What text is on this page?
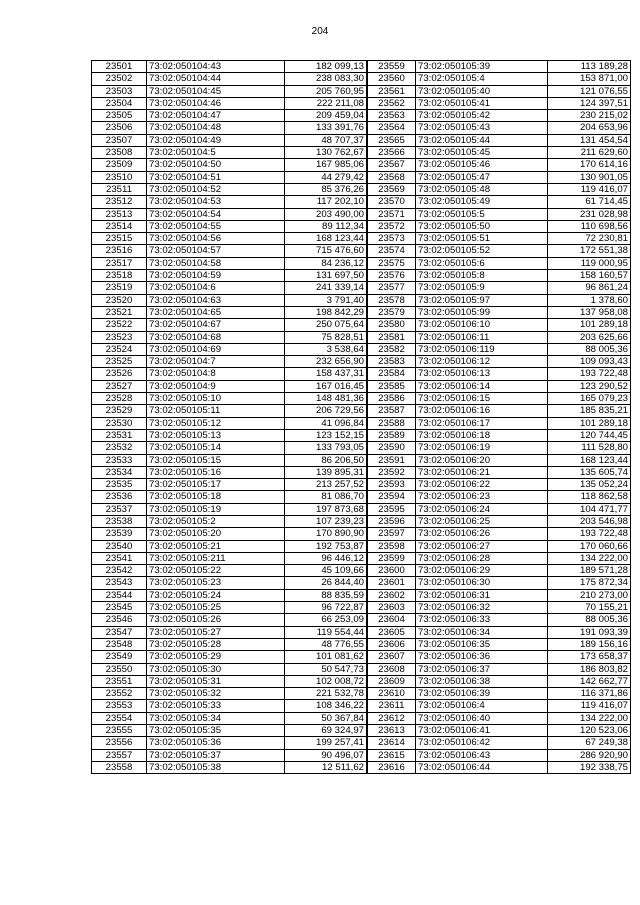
204
23501	73:02:050104:43	182 099,13
23502	73:02:050104:44	238 083,30
23503	73:02:050104:45	205 760,95
23504	73:02:050104:46	222 211,08
23505	73:02:050104:47	209 459,04
23506	73:02:050104:48	133 391,76
23507	73:02:050104:49	48 707,37
23508	73:02:050104:5	130 762,67
23509	73:02:050104:50	167 985,06
23510	73:02:050104:51	44 279,42
23511	73:02:050104:52	85 376,26
23512	73:02:050104:53	117 202,10
23513	73:02:050104:54	203 490,00
23514	73:02:050104:55	89 112,34
23515	73:02:050104:56	168 123,44
23516	73:02:050104:57	715 476,60
23517	73:02:050104:58	84 236,12
23518	73:02:050104:59	131 697,50
23519	73:02:050104:6	241 339,14
23520	73:02:050104:63	3 791,40
23521	73:02:050104:65	198 842,29
23522	73:02:050104:67	250 075,64
23523	73:02:050104:68	75 828,51
23524	73:02:050104:69	3 538,64
23525	73:02:050104:7	232 656,90
23526	73:02:050104:8	158 437,31
23527	73:02:050104:9	167 016,45
23528	73:02:050105:10	148 481,36
23529	73:02:050105:11	206 729,56
23530	73:02:050105:12	41 096,84
23531	73:02:050105:13	123 152,15
23532	73:02:050105:14	133 793,05
23533	73:02:050105:15	86 206,50
23534	73:02:050105:16	139 895,31
23535	73:02:050105:17	213 257,52
23536	73:02:050105:18	81 086,70
23537	73:02:050105:19	197 873,68
23538	73:02:050105:2	107 239,23
23539	73:02:050105:20	170 890,90
23540	73:02:050105:21	192 753,87
23541	73:02:050105:211	96 446,12
23542	73:02:050105:22	45 109,66
23543	73:02:050105:23	26 844,40
23544	73:02:050105:24	88 835,59
23545	73:02:050105:25	96 722,87
23546	73:02:050105:26	66 253,09
23547	73:02:050105:27	119 554,44
23548	73:02:050105:28	48 776,55
23549	73:02:050105:29	101 081,62
23550	73:02:050105:30	50 547,73
23551	73:02:050105:31	102 008,72
23552	73:02:050105:32	221 532,78
23553	73:02:050105:33	108 346,22
23554	73:02:050105:34	50 367,84
23555	73:02:050105:35	69 324,97
23556	73:02:050105:36	199 257,41
23557	73:02:050105:37	90 496,07
23558	73:02:050105:38	12 511,62
23559	73:02:050105:39	113 189,28
23560	73:02:050105:4	153 871,00
23561	73:02:050105:40	121 076,55
23562	73:02:050105:41	124 397,51
23563	73:02:050105:42	230 215,02
23564	73:02:050105:43	204 653,96
23565	73:02:050105:44	131 454,54
23566	73:02:050105:45	211 629,60
23567	73:02:050105:46	170 614,16
23568	73:02:050105:47	130 901,05
23569	73:02:050105:48	119 416,07
23570	73:02:050105:49	61 714,45
23571	73:02:050105:5	231 028,98
23572	73:02:050105:50	110 698,56
23573	73:02:050105:51	72 230,81
23574	73:02:050105:52	172 551,38
23575	73:02:050105:6	119 000,95
23576	73:02:050105:8	158 160,57
23577	73:02:050105:9	96 861,24
23578	73:02:050105:97	1 378,60
23579	73:02:050105:99	137 958,08
23580	73:02:050106:10	101 289,18
23581	73:02:050106:11	203 625,66
23582	73:02:050106:119	88 005,36
23583	73:02:050106:12	109 093,43
23584	73:02:050106:13	193 722,48
23585	73:02:050106:14	123 290,52
23586	73:02:050106:15	165 079,23
23587	73:02:050106:16	185 835,21
23588	73:02:050106:17	101 289,18
23589	73:02:050106:18	120 744,45
23590	73:02:050106:19	111 528,80
23591	73:02:050106:20	168 123,44
23592	73:02:050106:21	135 605,74
23593	73:02:050106:22	135 052,24
23594	73:02:050106:23	118 862,58
23595	73:02:050106:24	104 471,77
23596	73:02:050106:25	203 546,98
23597	73:02:050106:26	193 722,48
23598	73:02:050106:27	170 060,66
23599	73:02:050106:28	134 222,00
23600	73:02:050106:29	189 571,28
23601	73:02:050106:30	175 872,34
23602	73:02:050106:31	210 273,00
23603	73:02:050106:32	70 155,21
23604	73:02:050106:33	88 005,36
23605	73:02:050106:34	191 093,39
23606	73:02:050106:35	189 156,16
23607	73:02:050106:36	173 658,37
23608	73:02:050106:37	186 803,82
23609	73:02:050106:38	142 662,77
23610	73:02:050106:39	116 371,86
23611	73:02:050106:4	119 416,07
23612	73:02:050106:40	134 222,00
23613	73:02:050106:41	120 523,06
23614	73:02:050106:42	67 249,38
23615	73:02:050106:43	286 920,90
23616	73:02:050106:44	192 338,75
